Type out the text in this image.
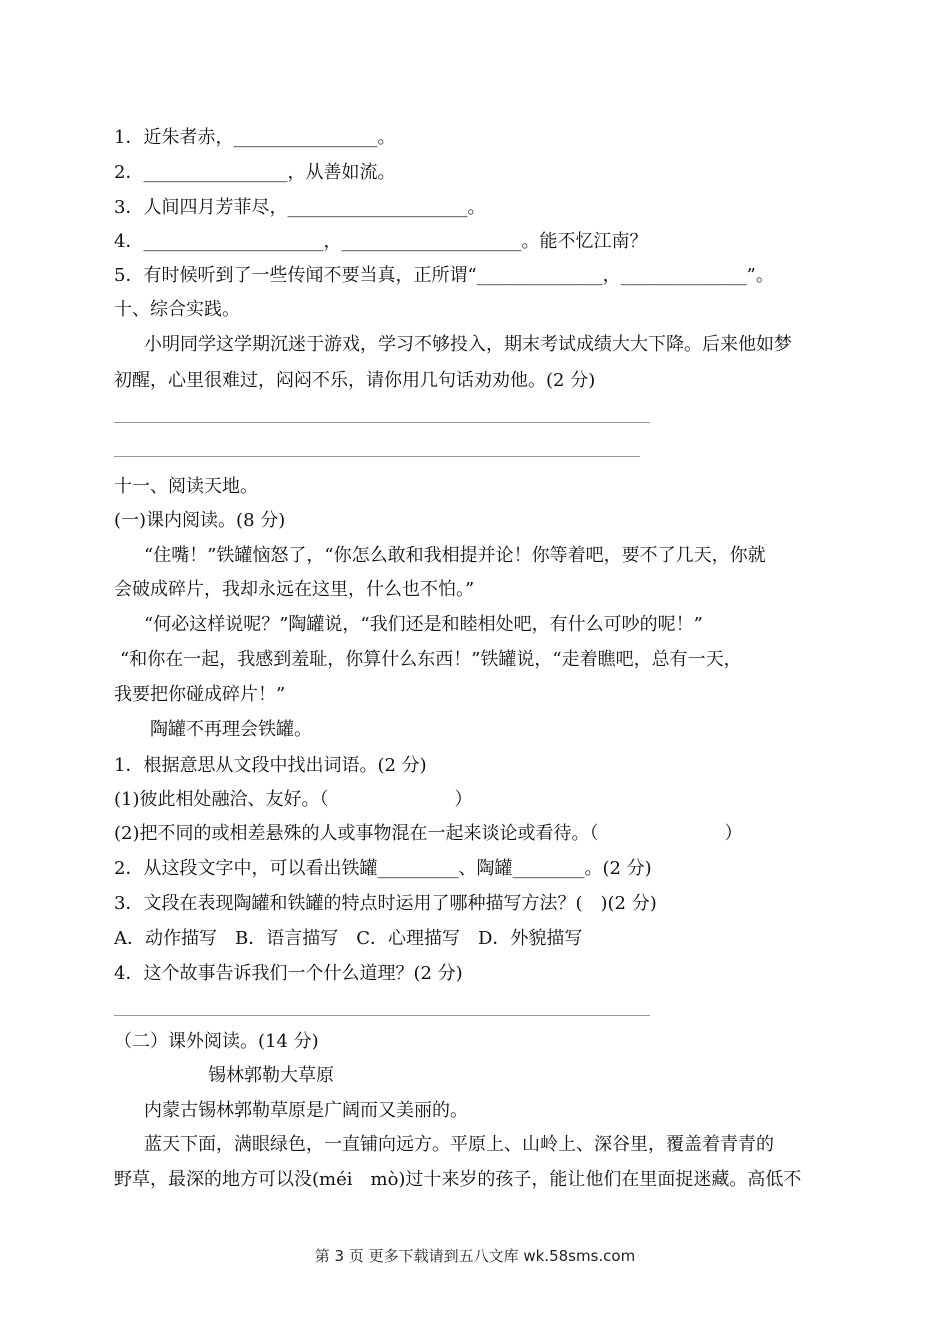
1．近朱者赤，________________。
2．________________，从善如流。
3．人间四月芳菲尽，____________________。
4．____________________，____________________。能不忆江南？
5．有时候听到了一些传闻不要当真，正所谓“______________，______________”。
十、综合实践。
小明同学这学期沉迷于游戏，学习不够投入，期末考试成绩大大下降。后来他如梦
初醒，心里很难过，闷闷不乐，请你用几句话劝劝他。(2 分)
十一、阅读天地。
(一)课内阅读。(8 分)
“住嘴！”铁罐恼怒了，“你怎么敢和我相提并论！你等着吧，要不了几天，你就
会破成碎片，我却永远在这里，什么也不怕。”
“何必这样说呢？”陶罐说，“我们还是和睦相处吧，有什么可吵的呢！”
“和你在一起，我感到羞耻，你算什么东西！”铁罐说，“走着瞧吧，总有一天，
我要把你碰成碎片！”
陶罐不再理会铁罐。
1．根据意思从文段中找出词语。(2 分)
(1)彼此相处融洽、友好。（　　　　　　　）
(2)把不同的或相差悬殊的人或事物混在一起来谈论或看待。（　　　　　　　）
2．从这段文字中，可以看出铁罐_________、陶罐________。(2 分)
3．文段在表现陶罐和铁罐的特点时运用了哪种描写方法？(　)(2 分)
A．动作描写　B．语言描写　C．心理描写　D．外貌描写
4．这个故事告诉我们一个什么道理？(2 分)
（二）课外阅读。(14 分)
锡林郭勒大草原
内蒙古锡林郭勒草原是广阔而又美丽的。
蓝天下面，满眼绿色，一直铺向远方。平原上、山岭上、深谷里，覆盖着青青的
野草，最深的地方可以没(méi　mò)过十来岁的孩子，能让他们在里面捉迷藏。高低不
第 3 页 更多下载请到五八文库 wk.58sms.com
